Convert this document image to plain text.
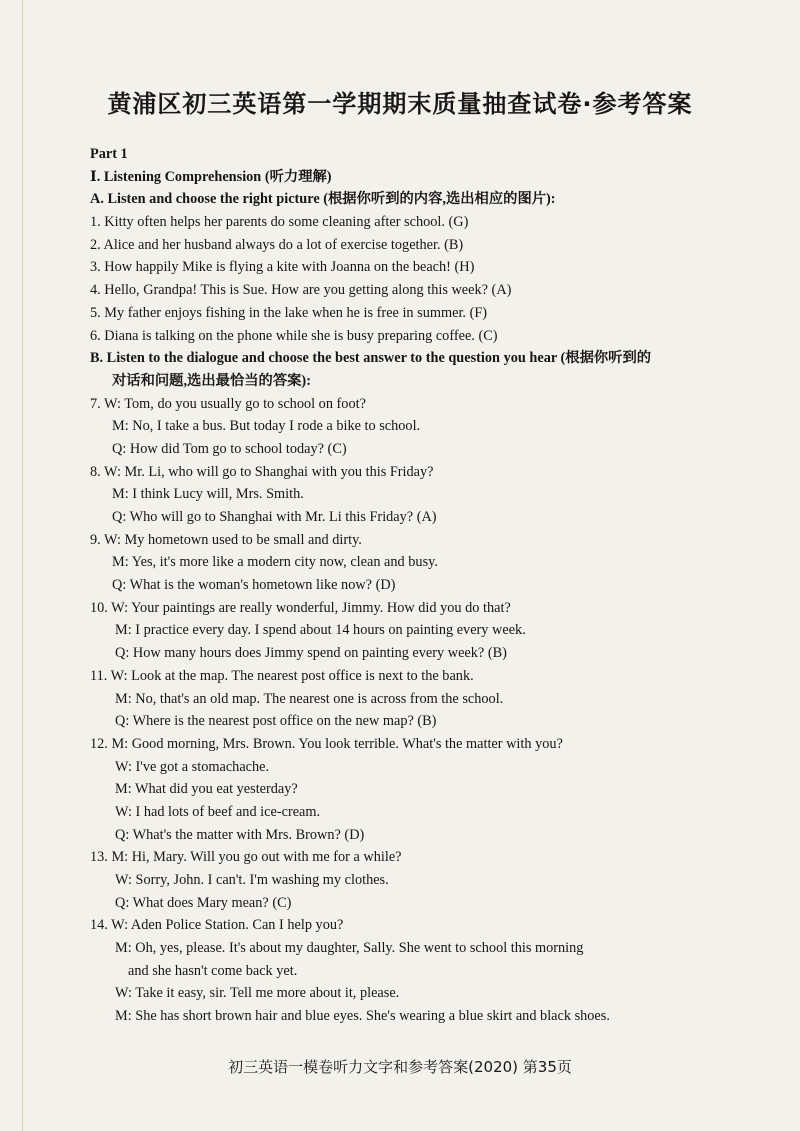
黄浦区初三英语第一学期期末质量抽查试卷·参考答案
Part 1
Ⅰ. Listening Comprehension (听力理解)
A. Listen and choose the right picture (根据你听到的内容,选出相应的图片):
1. Kitty often helps her parents do some cleaning after school. (G)
2. Alice and her husband always do a lot of exercise together. (B)
3. How happily Mike is flying a kite with Joanna on the beach! (H)
4. Hello, Grandpa! This is Sue. How are you getting along this week? (A)
5. My father enjoys fishing in the lake when he is free in summer. (F)
6. Diana is talking on the phone while she is busy preparing coffee. (C)
B. Listen to the dialogue and choose the best answer to the question you hear (根据你听到的
对话和问题,选出最恰当的答案):
7. W: Tom, do you usually go to school on foot?
M: No, I take a bus. But today I rode a bike to school.
Q: How did Tom go to school today? (C)
8. W: Mr. Li, who will go to Shanghai with you this Friday?
M: I think Lucy will, Mrs. Smith.
Q: Who will go to Shanghai with Mr. Li this Friday? (A)
9. W: My hometown used to be small and dirty.
M: Yes, it's more like a modern city now, clean and busy.
Q: What is the woman's hometown like now? (D)
10. W: Your paintings are really wonderful, Jimmy. How did you do that?
M: I practice every day. I spend about 14 hours on painting every week.
Q: How many hours does Jimmy spend on painting every week? (B)
11. W: Look at the map. The nearest post office is next to the bank.
M: No, that's an old map. The nearest one is across from the school.
Q: Where is the nearest post office on the new map? (B)
12. M: Good morning, Mrs. Brown. You look terrible. What's the matter with you?
W: I've got a stomachache.
M: What did you eat yesterday?
W: I had lots of beef and ice-cream.
Q: What's the matter with Mrs. Brown? (D)
13. M: Hi, Mary. Will you go out with me for a while?
W: Sorry, John. I can't. I'm washing my clothes.
Q: What does Mary mean? (C)
14. W: Aden Police Station. Can I help you?
M: Oh, yes, please. It's about my daughter, Sally. She went to school this morning
and she hasn't come back yet.
W: Take it easy, sir. Tell me more about it, please.
M: She has short brown hair and blue eyes. She's wearing a blue skirt and black shoes.
初三英语一模卷听力文字和参考答案(2020) 第35页
